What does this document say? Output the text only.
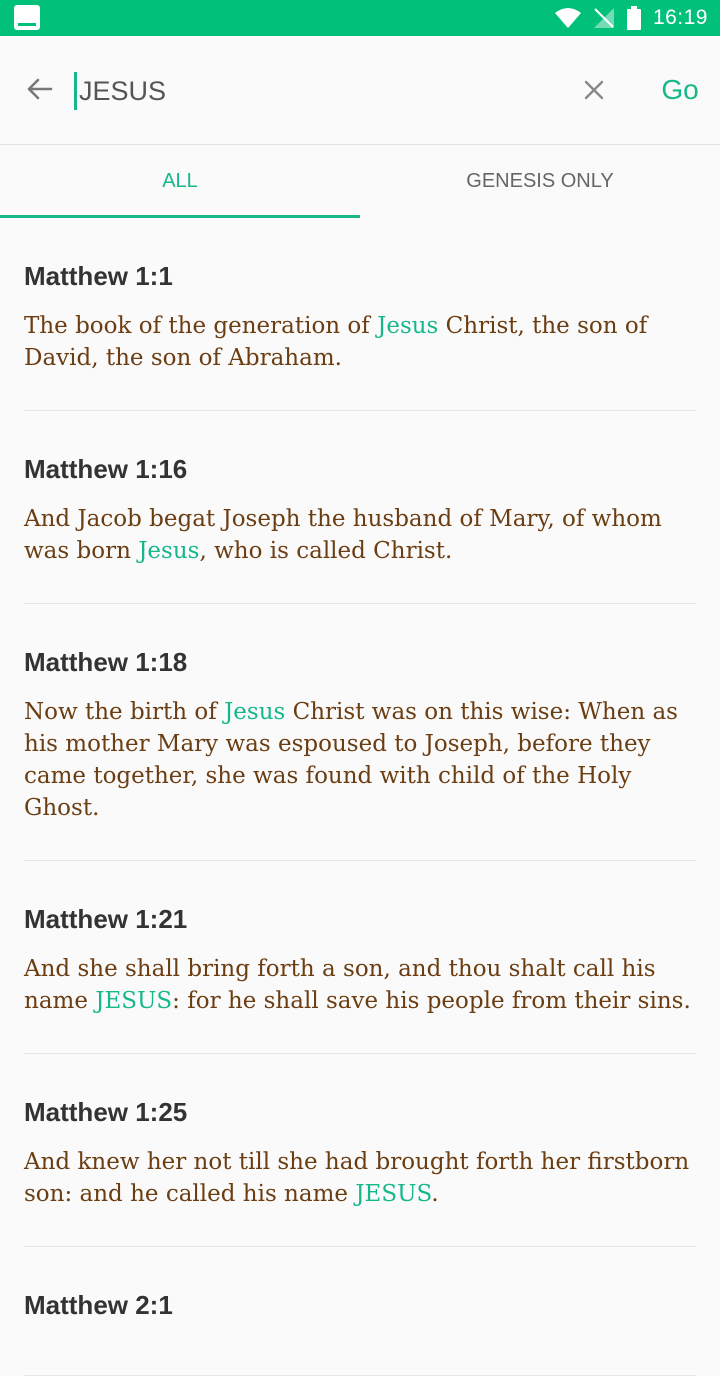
16:19
JESUS
Go
ALL	GENESIS ONLY
Matthew 1:1

The book of the generation of Jesus Christ, the son of David, the son of Abraham.

Matthew 1:16

And Jacob begat Joseph the husband of Mary, of whom was born Jesus, who is called Christ.

Matthew 1:18

Now the birth of Jesus Christ was on this wise: When as his mother Mary was espoused to Joseph, before they came together, she was found with child of the Holy Ghost.

Matthew 1:21

And she shall bring forth a son, and thou shalt call his name JESUS: for he shall save his people from their sins.

Matthew 1:25

And knew her not till she had brought forth her firstborn son: and he called his name JESUS.

Matthew 2:1
